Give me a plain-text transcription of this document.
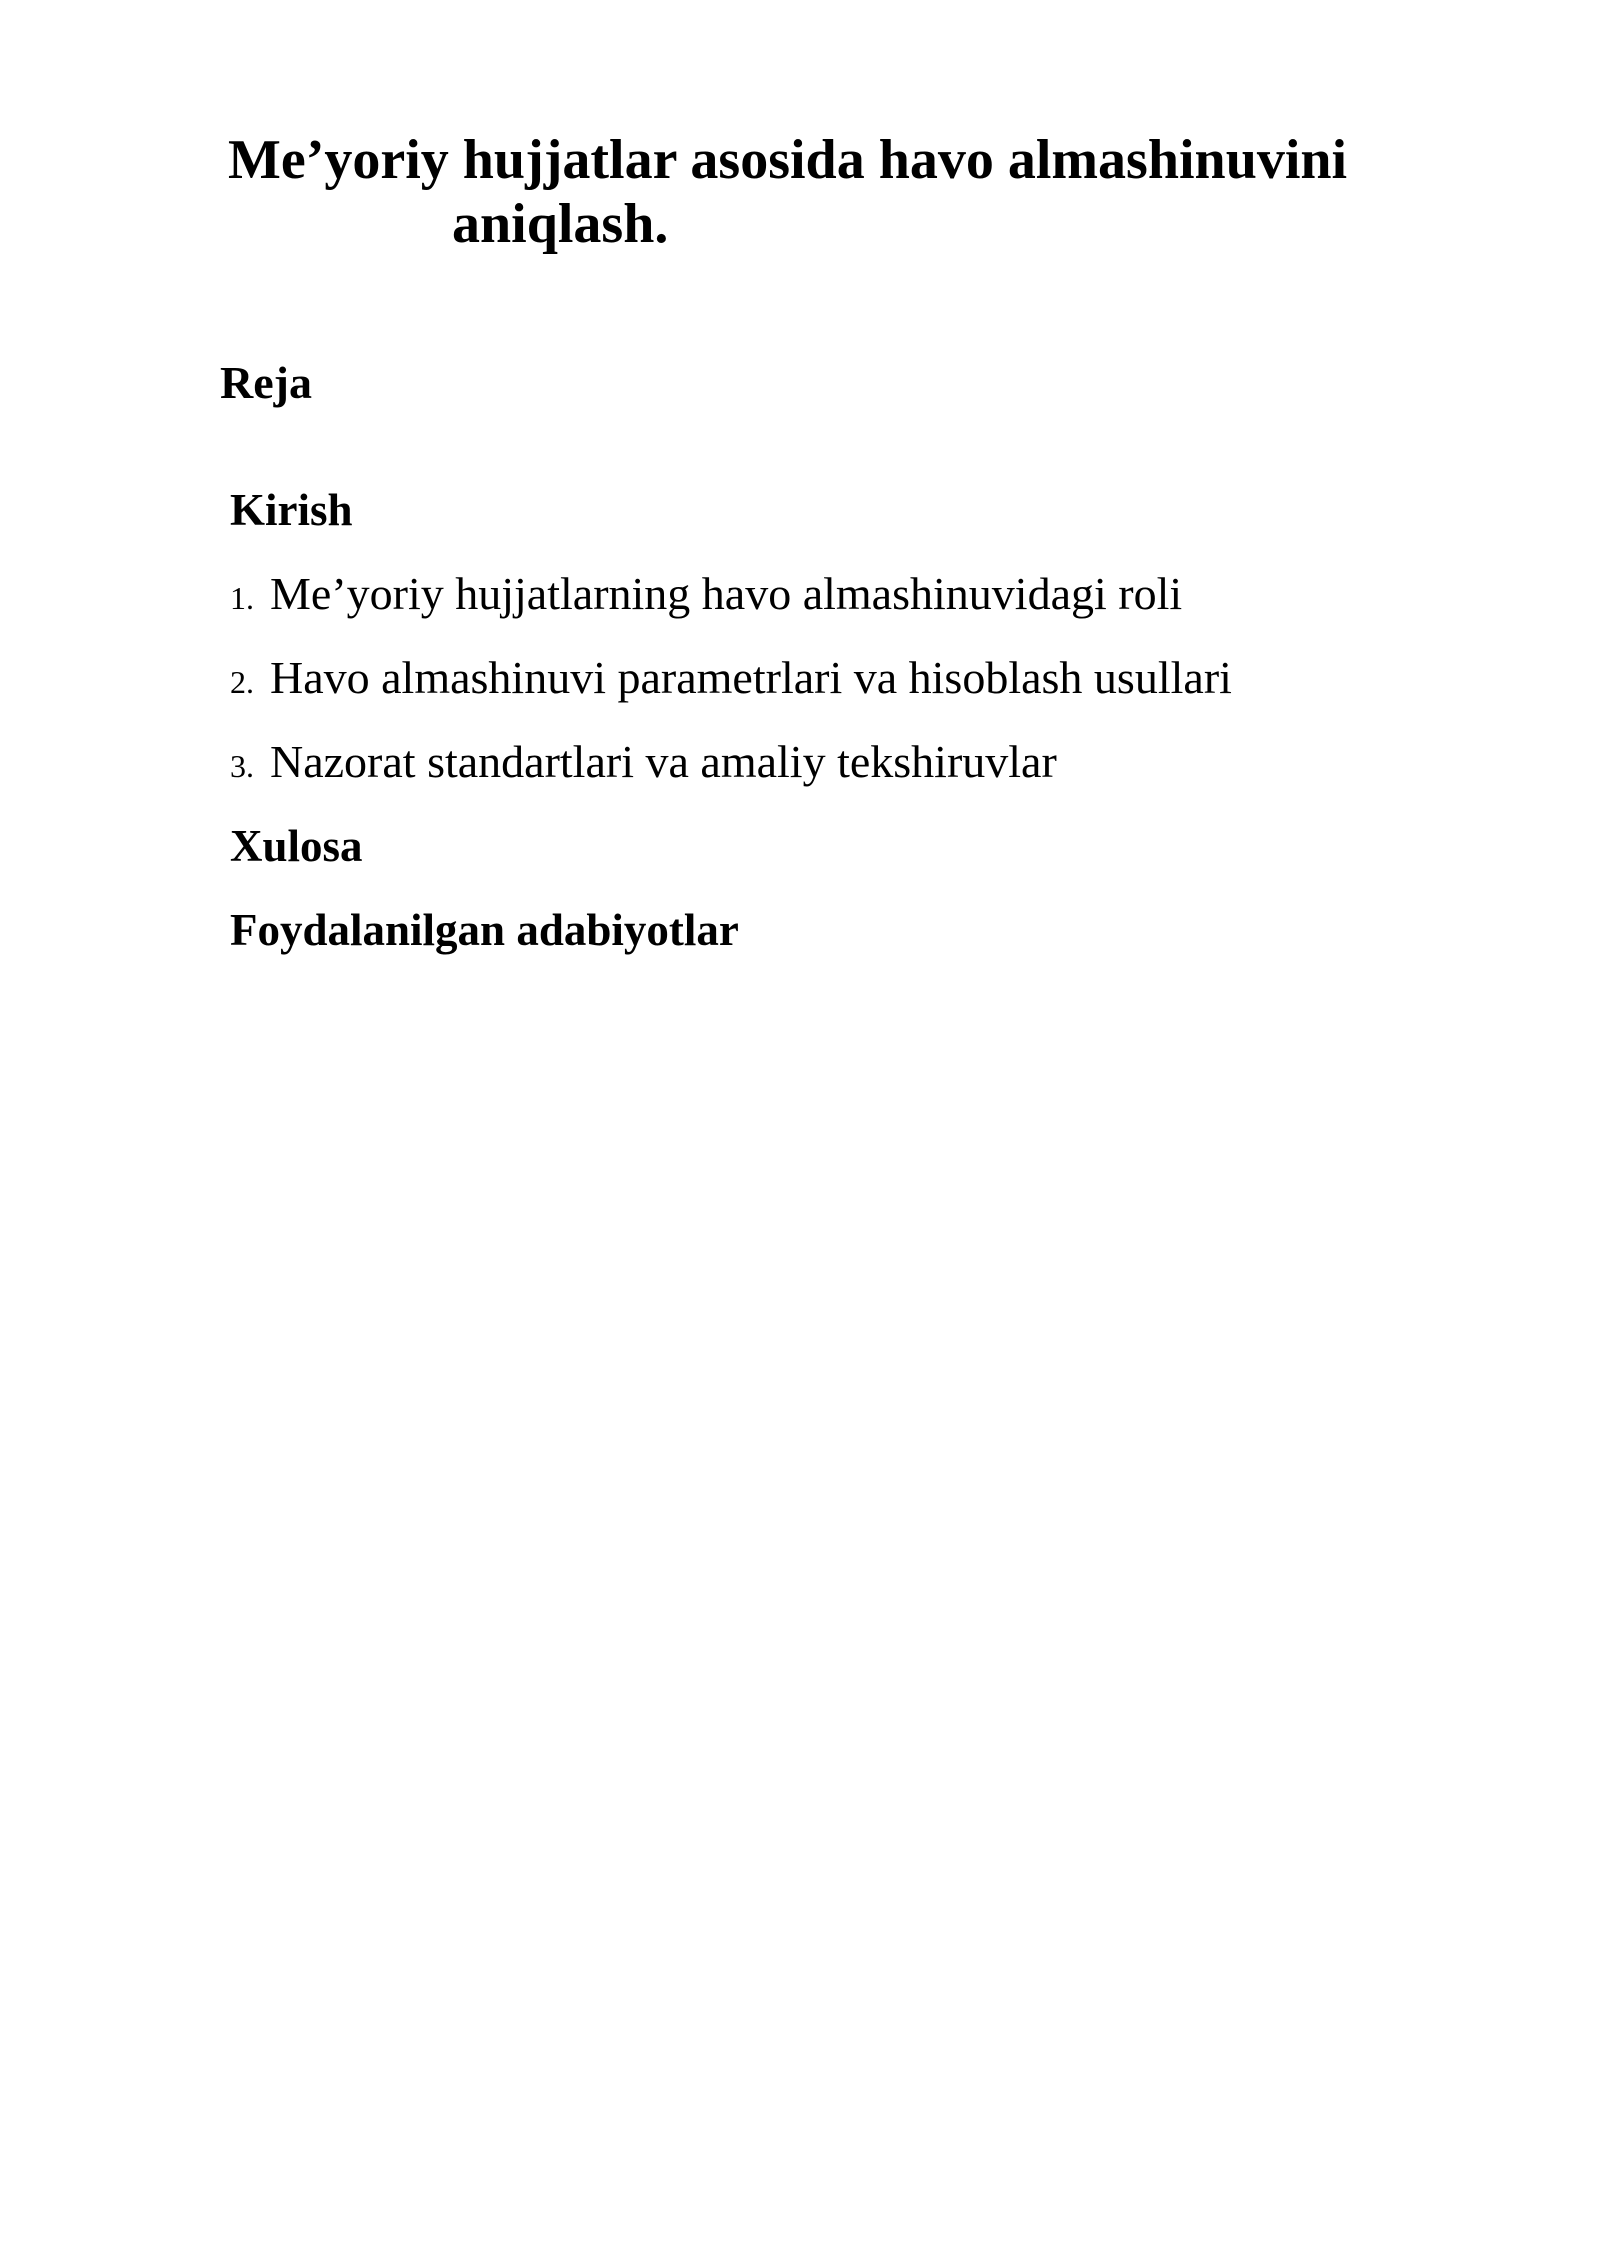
Me’yoriy hujjatlar asosida havo almashinuvini
aniqlash.
Reja
Kirish
1. Me’yoriy hujjatlarning havo almashinuvidagi roli
2. Havo almashinuvi parametrlari va hisoblash usullari
3. Nazorat standartlari va amaliy tekshiruvlar
Xulosa
Foydalanilgan adabiyotlar
